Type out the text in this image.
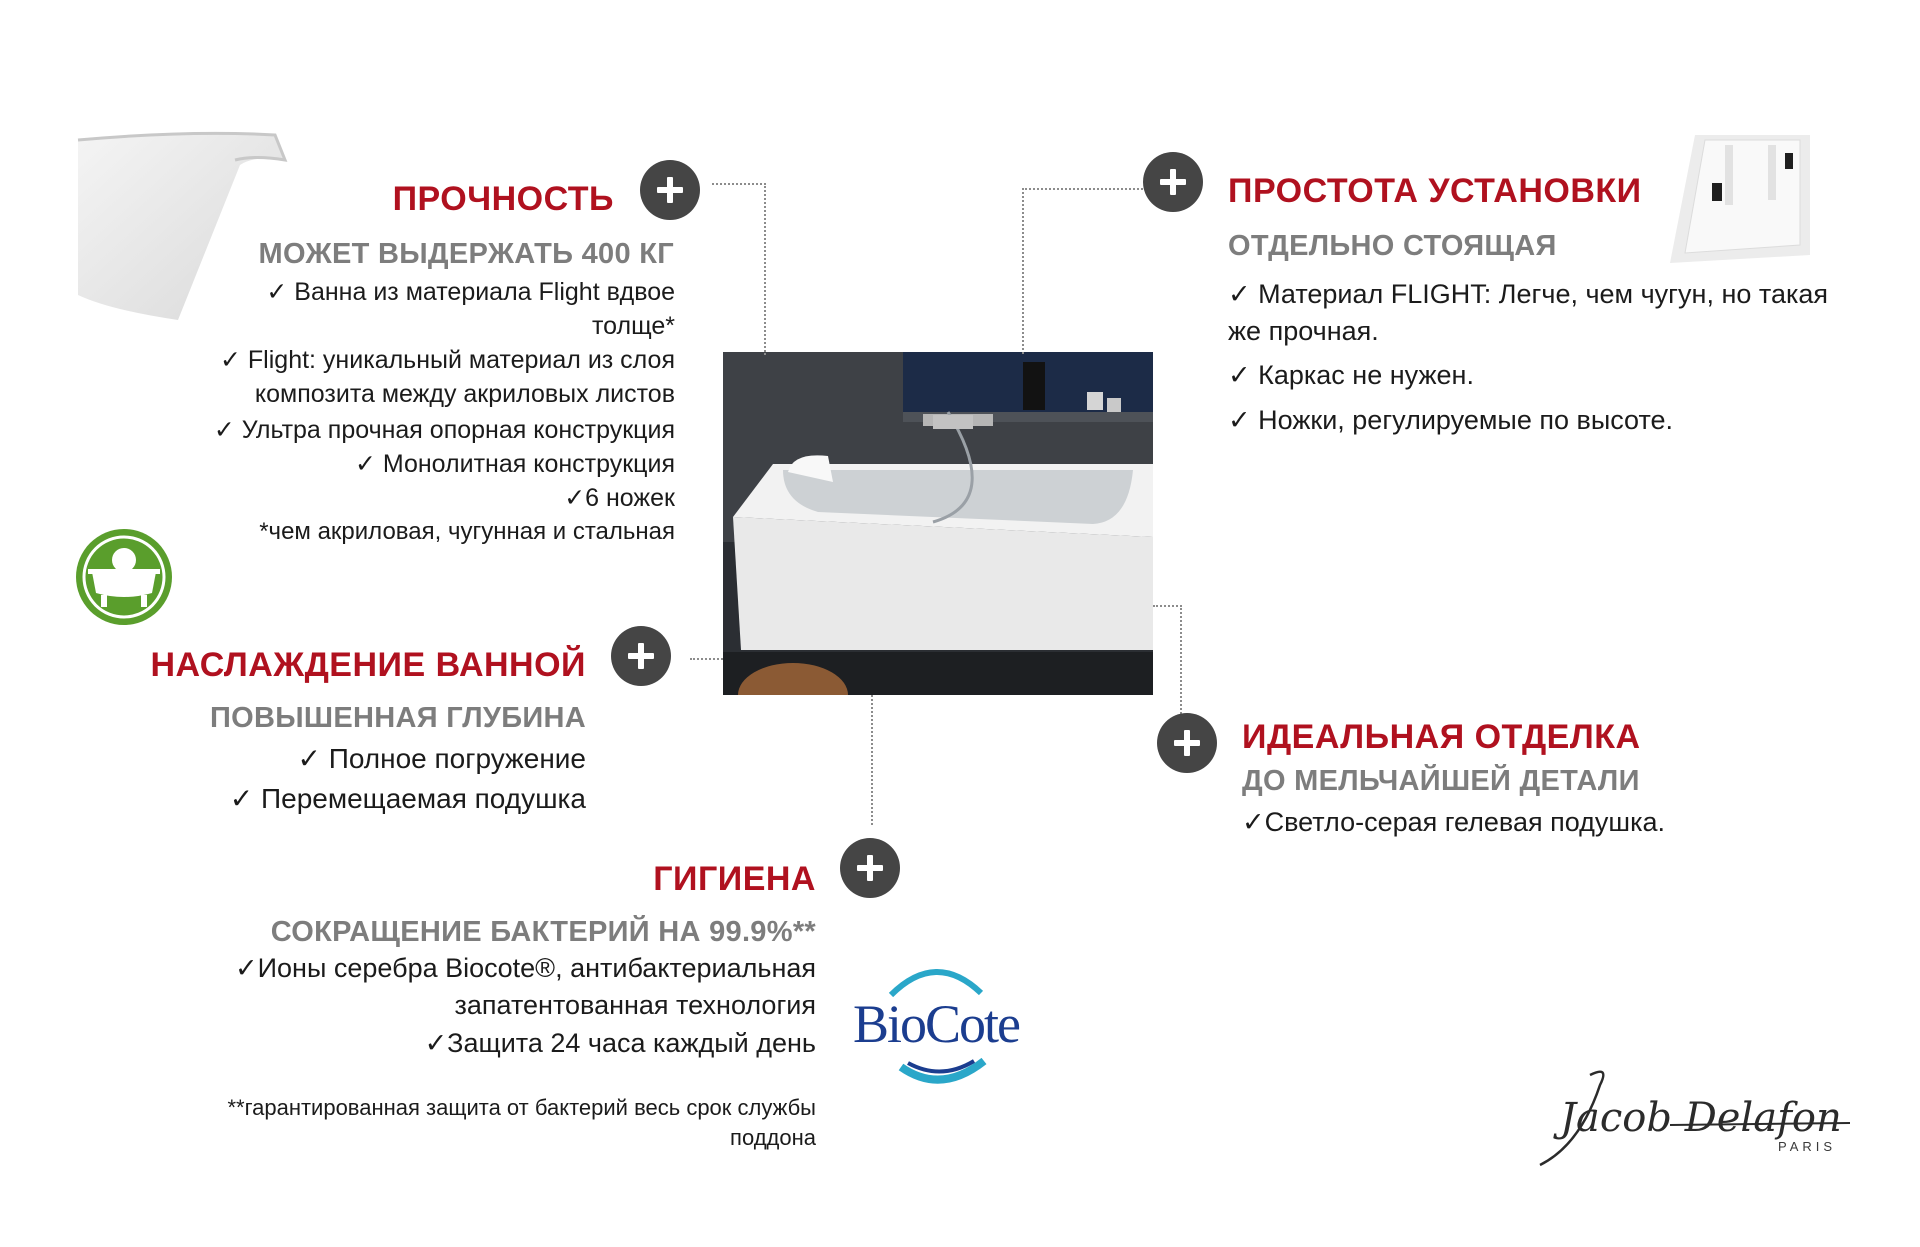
ПРОЧНОСТЬ
МОЖЕТ ВЫДЕРЖАТЬ 400 КГ
✓ Ванна из материала Flight вдвое толще*
✓ Flight: уникальный материал из слоя композита между акриловых листов
✓ Ультра прочная опорная конструкция
✓ Монолитная конструкция
✓6 ножек
*чем акриловая, чугунная и стальная
НАСЛАЖДЕНИЕ ВАННОЙ
ПОВЫШЕННАЯ ГЛУБИНА
✓ Полное погружение
✓ Перемещаемая подушка
ГИГИЕНА
СОКРАЩЕНИЕ БАКТЕРИЙ НА 99.9%**
✓Ионы серебра Biocote®, антибактериальная запатентованная технология
✓Защита 24 часа каждый день
**гарантированная защита от бактерий весь срок службы поддона
BioCote
ПРОСТОТА УСТАНОВКИ
ОТДЕЛЬНО СТОЯЩАЯ
✓ Материал FLIGHT: Легче, чем чугун, но такая же прочная.
✓ Каркас не нужен.
✓ Ножки, регулируемые по высоте.
ИДЕАЛЬНАЯ ОТДЕЛКА
ДО МЕЛЬЧАЙШЕЙ ДЕТАЛИ
✓Светло-серая гелевая подушка.
Jacob Delafon
PARIS
